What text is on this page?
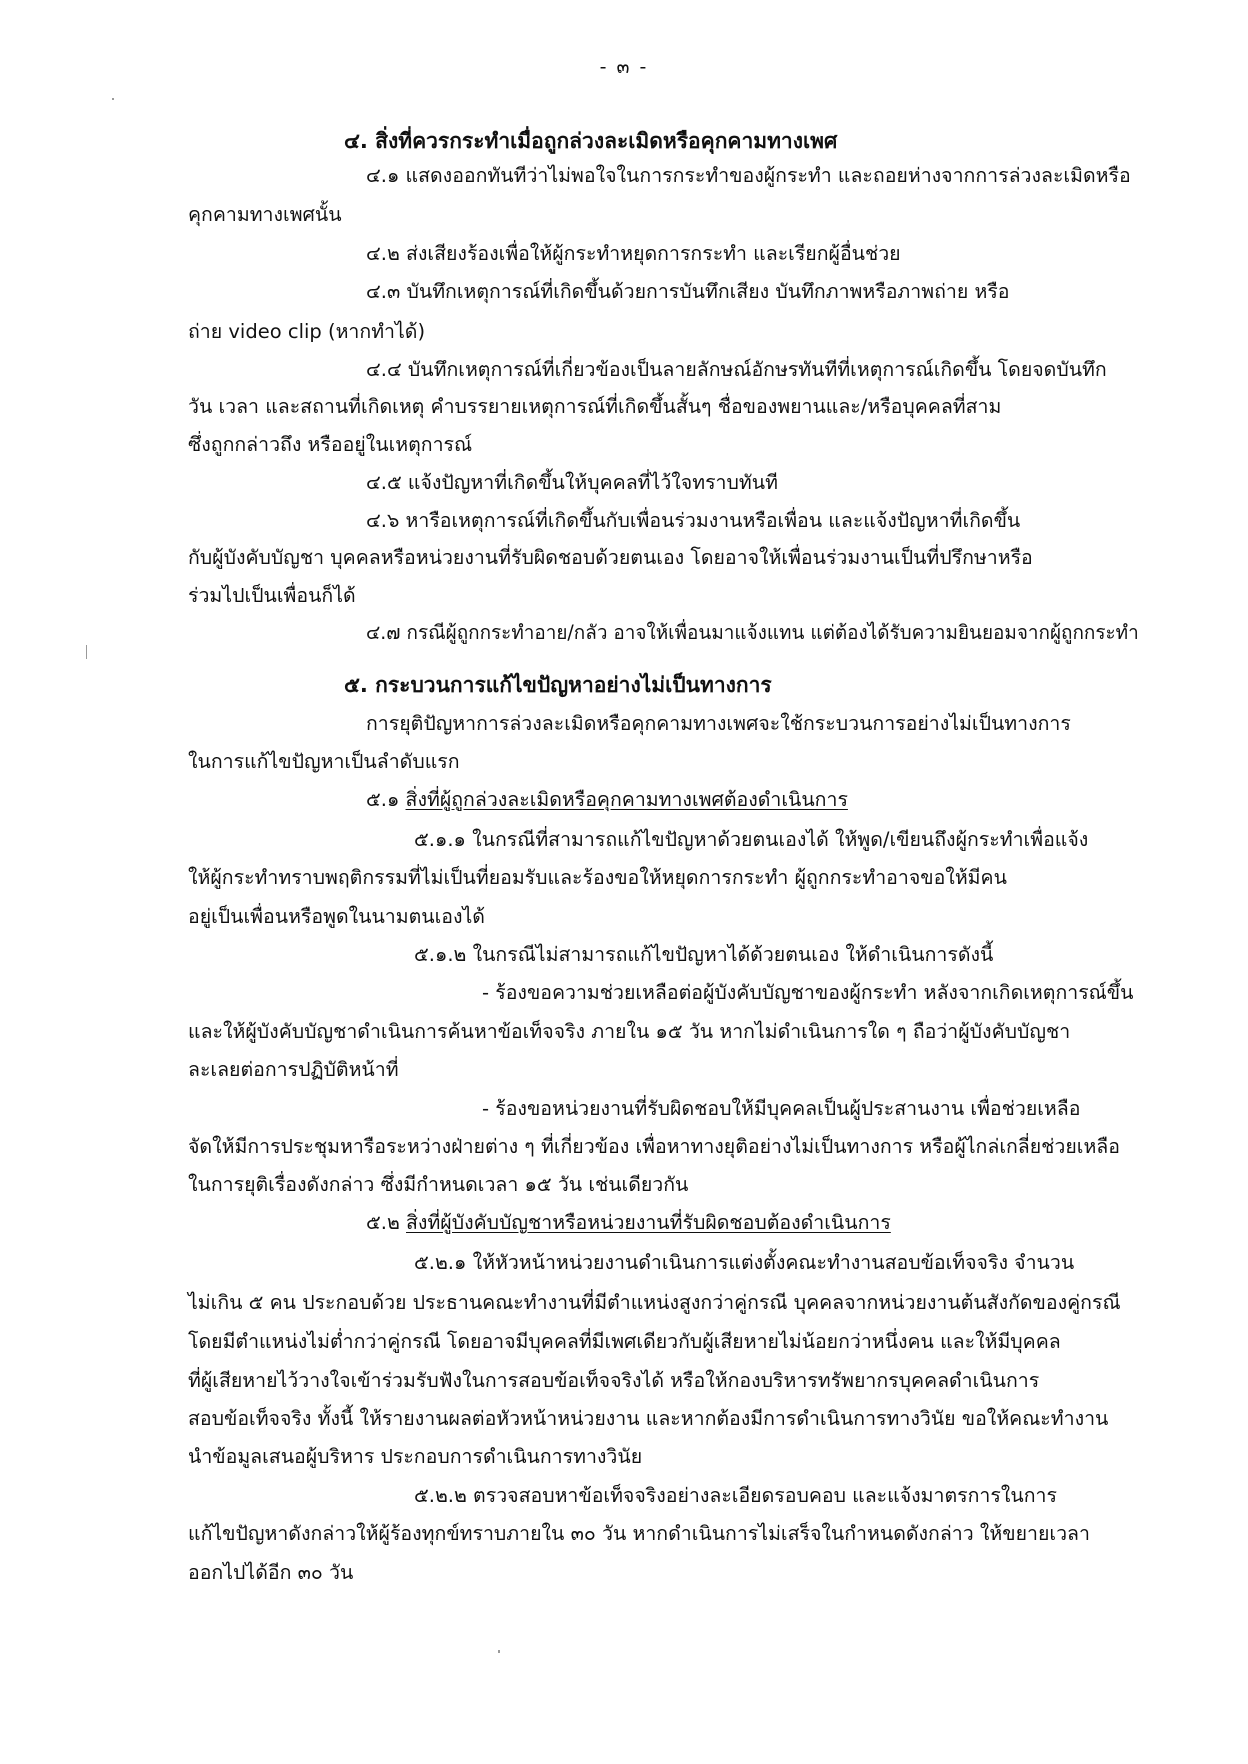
- ๓ -
๔. สิ่งที่ควรกระทำเมื่อถูกล่วงละเมิดหรือคุกคามทางเพศ
๔.๑ แสดงออกทันทีว่าไม่พอใจในการกระทำของผู้กระทำ และถอยห่างจากการล่วงละเมิดหรือ
คุกคามทางเพศนั้น
๔.๒ ส่งเสียงร้องเพื่อให้ผู้กระทำหยุดการกระทำ และเรียกผู้อื่นช่วย
๔.๓ บันทึกเหตุการณ์ที่เกิดขึ้นด้วยการบันทึกเสียง บันทึกภาพหรือภาพถ่าย หรือ
ถ่าย video clip (หากทำได้)
๔.๔ บันทึกเหตุการณ์ที่เกี่ยวข้องเป็นลายลักษณ์อักษรทันทีที่เหตุการณ์เกิดขึ้น โดยจดบันทึก
วัน เวลา และสถานที่เกิดเหตุ คำบรรยายเหตุการณ์ที่เกิดขึ้นสั้นๆ ชื่อของพยานและ/หรือบุคคลที่สาม
ซึ่งถูกกล่าวถึง หรืออยู่ในเหตุการณ์
๔.๕ แจ้งปัญหาที่เกิดขึ้นให้บุคคลที่ไว้ใจทราบทันที
๔.๖ หารือเหตุการณ์ที่เกิดขึ้นกับเพื่อนร่วมงานหรือเพื่อน และแจ้งปัญหาที่เกิดขึ้น
กับผู้บังคับบัญชา บุคคลหรือหน่วยงานที่รับผิดชอบด้วยตนเอง โดยอาจให้เพื่อนร่วมงานเป็นที่ปรึกษาหรือ
ร่วมไปเป็นเพื่อนก็ได้
๔.๗ กรณีผู้ถูกกระทำอาย/กลัว อาจให้เพื่อนมาแจ้งแทน แต่ต้องได้รับความยินยอมจากผู้ถูกกระทำ
๕. กระบวนการแก้ไขปัญหาอย่างไม่เป็นทางการ
การยุติปัญหาการล่วงละเมิดหรือคุกคามทางเพศจะใช้กระบวนการอย่างไม่เป็นทางการ
ในการแก้ไขปัญหาเป็นลำดับแรก
๕.๑ สิ่งที่ผู้ถูกล่วงละเมิดหรือคุกคามทางเพศต้องดำเนินการ
๕.๑.๑ ในกรณีที่สามารถแก้ไขปัญหาด้วยตนเองได้ ให้พูด/เขียนถึงผู้กระทำเพื่อแจ้ง
ให้ผู้กระทำทราบพฤติกรรมที่ไม่เป็นที่ยอมรับและร้องขอให้หยุดการกระทำ ผู้ถูกกระทำอาจขอให้มีคน
อยู่เป็นเพื่อนหรือพูดในนามตนเองได้
๕.๑.๒ ในกรณีไม่สามารถแก้ไขปัญหาได้ด้วยตนเอง ให้ดำเนินการดังนี้
- ร้องขอความช่วยเหลือต่อผู้บังคับบัญชาของผู้กระทำ หลังจากเกิดเหตุการณ์ขึ้น
และให้ผู้บังคับบัญชาดำเนินการค้นหาข้อเท็จจริง ภายใน ๑๕ วัน หากไม่ดำเนินการใด ๆ ถือว่าผู้บังคับบัญชา
ละเลยต่อการปฏิบัติหน้าที่
- ร้องขอหน่วยงานที่รับผิดชอบให้มีบุคคลเป็นผู้ประสานงาน เพื่อช่วยเหลือ
จัดให้มีการประชุมหารือระหว่างฝ่ายต่าง ๆ ที่เกี่ยวข้อง เพื่อหาทางยุติอย่างไม่เป็นทางการ หรือผู้ไกล่เกลี่ยช่วยเหลือ
ในการยุติเรื่องดังกล่าว ซึ่งมีกำหนดเวลา ๑๕ วัน เช่นเดียวกัน
๕.๒ สิ่งที่ผู้บังคับบัญชาหรือหน่วยงานที่รับผิดชอบต้องดำเนินการ
๕.๒.๑ ให้หัวหน้าหน่วยงานดำเนินการแต่งตั้งคณะทำงานสอบข้อเท็จจริง จำนวน
ไม่เกิน ๕ คน ประกอบด้วย ประธานคณะทำงานที่มีตำแหน่งสูงกว่าคู่กรณี บุคคลจากหน่วยงานต้นสังกัดของคู่กรณี
โดยมีตำแหน่งไม่ต่ำกว่าคู่กรณี โดยอาจมีบุคคลที่มีเพศเดียวกับผู้เสียหายไม่น้อยกว่าหนึ่งคน และให้มีบุคคล
ที่ผู้เสียหายไว้วางใจเข้าร่วมรับฟังในการสอบข้อเท็จจริงได้ หรือให้กองบริหารทรัพยากรบุคคลดำเนินการ
สอบข้อเท็จจริง ทั้งนี้ ให้รายงานผลต่อหัวหน้าหน่วยงาน และหากต้องมีการดำเนินการทางวินัย ขอให้คณะทำงาน
นำข้อมูลเสนอผู้บริหาร ประกอบการดำเนินการทางวินัย
๕.๒.๒ ตรวจสอบหาข้อเท็จจริงอย่างละเอียดรอบคอบ และแจ้งมาตรการในการ
แก้ไขปัญหาดังกล่าวให้ผู้ร้องทุกข์ทราบภายใน ๓๐ วัน หากดำเนินการไม่เสร็จในกำหนดดังกล่าว ให้ขยายเวลา
ออกไปได้อีก ๓๐ วัน
